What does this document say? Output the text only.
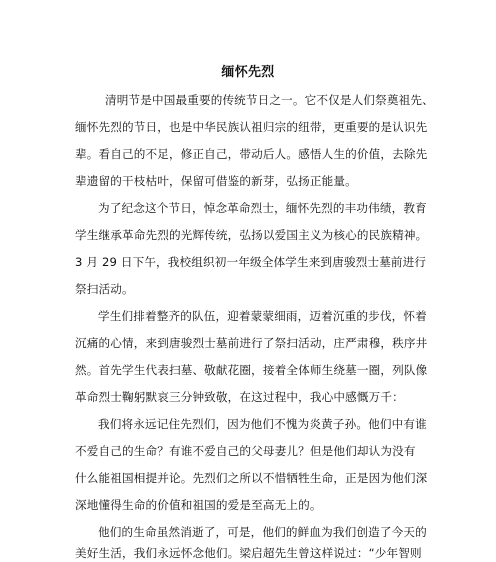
缅怀先烈
清明节是中国最重要的传统节日之一。它不仅是人们祭奠祖先、
缅怀先烈的节日，也是中华民族认祖归宗的纽带，更重要的是认识先
辈。看自己的不足，修正自己，带动后人。感悟人生的价值，去除先
辈遗留的干枝枯叶，保留可借鉴的新芽，弘扬正能量。
为了纪念这个节日，悼念革命烈士，缅怀先烈的丰功伟绩，教育
学生继承革命先烈的光辉传统，弘扬以爱国主义为核心的民族精神。
3 月 29 日下午，我校组织初一年级全体学生来到唐骏烈士墓前进行
祭扫活动。
学生们排着整齐的队伍，迎着蒙蒙细雨，迈着沉重的步伐，怀着
沉痛的心情，来到唐骏烈士墓前进行了祭扫活动，庄严肃穆，秩序井
然。首先学生代表扫墓、敬献花圈，接着全体师生绕墓一圈，列队像
革命烈士鞠躬默哀三分钟致敬，在这过程中，我心中感慨万千：
我们将永远记住先烈们，因为他们不愧为炎黄子孙。他们中有谁
不爱自己的生命？有谁不爱自己的父母妻儿？但是他们却认为没有
什么能祖国相提并论。先烈们之所以不惜牺牲生命，正是因为他们深
深地懂得生命的价值和祖国的爱是至高无上的。
他们的生命虽然消逝了，可是，他们的鲜血为我们创造了今天的
美好生活，我们永远怀念他们。梁启超先生曾这样说过：“少年智则
